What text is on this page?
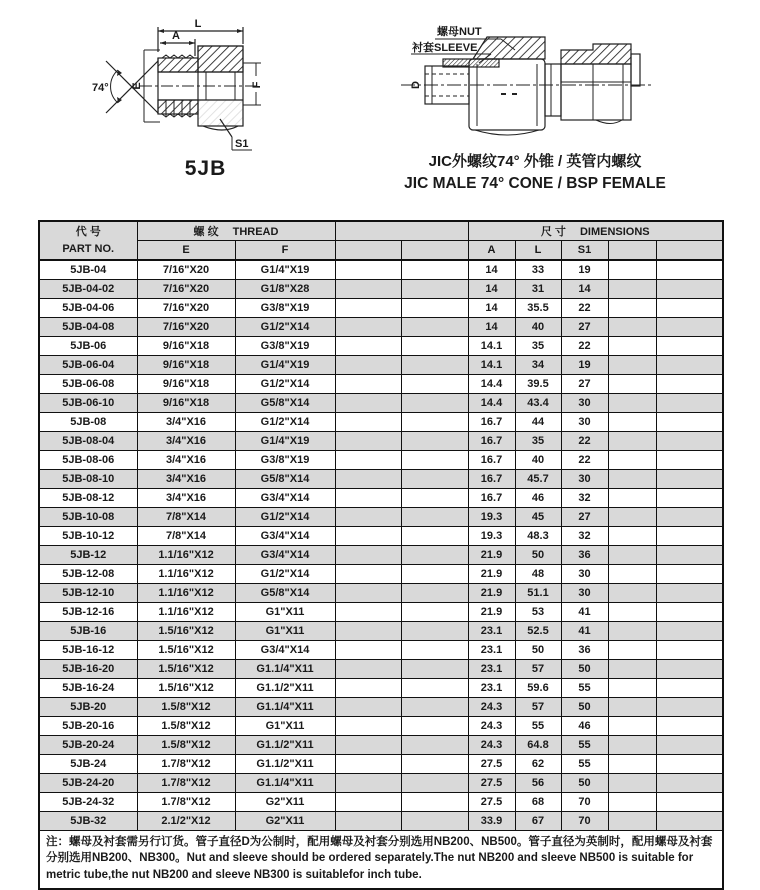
L
A
74° E	F
S1
螺母NUT
衬套SLEEVE
D
5JB	JIC外螺纹74° 外锥 / 英管内螺纹
JIC MALE 74° CONE / BSP FEMALE
代 号
PART NO.	螺 纹 THREAD				尺 寸 DIMENSIONS				
	E	F			A	L	S1		
5JB-04	7/16"X20	G1/4"X19			14	33	19		
5JB-04-02	7/16"X20	G1/8"X28			14	31	14		
5JB-04-06	7/16"X20	G3/8"X19			14	35.5	22		
5JB-04-08	7/16"X20	G1/2"X14			14	40	27		
5JB-06	9/16"X18	G3/8"X19			14.1	35	22		
5JB-06-04	9/16"X18	G1/4"X19			14.1	34	19		
5JB-06-08	9/16"X18	G1/2"X14			14.4	39.5	27		
5JB-06-10	9/16"X18	G5/8"X14			14.4	43.4	30		
5JB-08	3/4"X16	G1/2"X14			16.7	44	30		
5JB-08-04	3/4"X16	G1/4"X19			16.7	35	22		
5JB-08-06	3/4"X16	G3/8"X19			16.7	40	22		
5JB-08-10	3/4"X16	G5/8"X14			16.7	45.7	30		
5JB-08-12	3/4"X16	G3/4"X14			16.7	46	32		
5JB-10-08	7/8"X14	G1/2"X14			19.3	45	27		
5JB-10-12	7/8"X14	G3/4"X14			19.3	48.3	32		
5JB-12	1.1/16"X12	G3/4"X14			21.9	50	36		
5JB-12-08	1.1/16"X12	G1/2"X14			21.9	48	30		
5JB-12-10	1.1/16"X12	G5/8"X14			21.9	51.1	30		
5JB-12-16	1.1/16"X12	G1"X11			21.9	53	41		
5JB-16	1.5/16"X12	G1"X11			23.1	52.5	41		
5JB-16-12	1.5/16"X12	G3/4"X14			23.1	50	36		
5JB-16-20	1.5/16"X12	G1.1/4"X11			23.1	57	50		
5JB-16-24	1.5/16"X12	G1.1/2"X11			23.1	59.6	55		
5JB-20	1.5/8"X12	G1.1/4"X11			24.3	57	50		
5JB-20-16	1.5/8"X12	G1"X11			24.3	55	46		
5JB-20-24	1.5/8"X12	G1.1/2"X11			24.3	64.8	55		
5JB-24	1.7/8"X12	G1.1/2"X11			27.5	62	55		
5JB-24-20	1.7/8"X12	G1.1/4"X11			27.5	56	50		
5JB-24-32	1.7/8"X12	G2"X11			27.5	68	70		
5JB-32	2.1/2"X12	G2"X11			33.9	67	70		
注：螺母及衬套需另行订货。管子直径D为公制时，配用螺母及衬套分别选用NB200、NB500。管子直径为英制时，配用螺母及衬套分别选用NB200、NB300。Nut and sleeve should be ordered separately.The nut NB200 and sleeve NB500 is suitable for metric tube,the nut NB200 and sleeve NB300 is suitablefor inch tube.									
